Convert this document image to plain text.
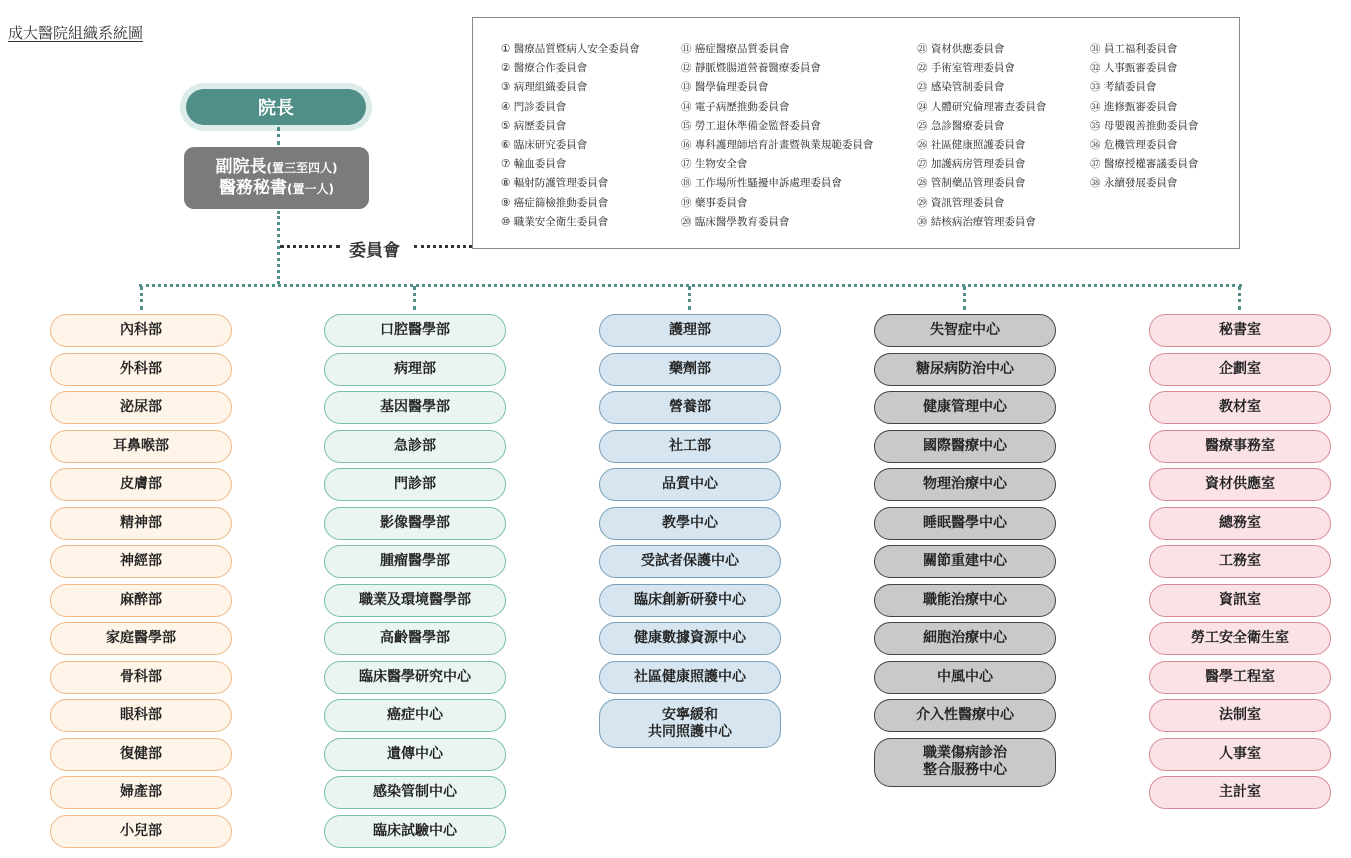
成大醫院組織系統圖
院長
副院長(置三至四人)
醫務秘書(置一人)
委員會
① 醫療品質暨病人安全委員會
② 醫療合作委員會
③ 病理組織委員會
④ 門診委員會
⑤ 病歷委員會
⑥ 臨床研究委員會
⑦ 輸血委員會
⑧ 輻射防護管理委員會
⑨ 癌症篩檢推動委員會
⑩ 職業安全衛生委員會
⑪ 癌症醫療品質委員會
⑫ 靜脈暨腸道營養醫療委員會
⑬ 醫學倫理委員會
⑭ 電子病歷推動委員會
⑮ 勞工退休準備金監督委員會
⑯ 專科護理師培育計畫暨執業規範委員會
⑰ 生物安全會
⑱ 工作場所性騷擾申訴處理委員會
⑲ 藥事委員會
⑳ 臨床醫學教育委員會
㉑ 資材供應委員會
㉒ 手術室管理委員會
㉓ 感染管制委員會
㉔ 人體研究倫理審查委員會
㉕ 急診醫療委員會
㉖ 社區健康照護委員會
㉗ 加護病房管理委員會
㉘ 管制藥品管理委員會
㉙ 資訊管理委員會
㉚ 結核病治療管理委員會
㉛ 員工福利委員會
㉜ 人事甄審委員會
㉝ 考績委員會
㉞ 進修甄審委員會
㉟ 母嬰親善推動委員會
㊱ 危機管理委員會
㊲ 醫療授權審議委員會
㊳ 永續發展委員會
內科部
外科部
泌尿部
耳鼻喉部
皮膚部
精神部
神經部
麻醉部
家庭醫學部
骨科部
眼科部
復健部
婦產部
小兒部
口腔醫學部
病理部
基因醫學部
急診部
門診部
影像醫學部
腫瘤醫學部
職業及環境醫學部
高齡醫學部
臨床醫學研究中心
癌症中心
遺傳中心
感染管制中心
臨床試驗中心
護理部
藥劑部
營養部
社工部
品質中心
教學中心
受試者保護中心
臨床創新研發中心
健康數據資源中心
社區健康照護中心
安寧緩和
共同照護中心
失智症中心
糖尿病防治中心
健康管理中心
國際醫療中心
物理治療中心
睡眠醫學中心
關節重建中心
職能治療中心
細胞治療中心
中風中心
介入性醫療中心
職業傷病診治
整合服務中心
秘書室
企劃室
教材室
醫療事務室
資材供應室
總務室
工務室
資訊室
勞工安全衛生室
醫學工程室
法制室
人事室
主計室
